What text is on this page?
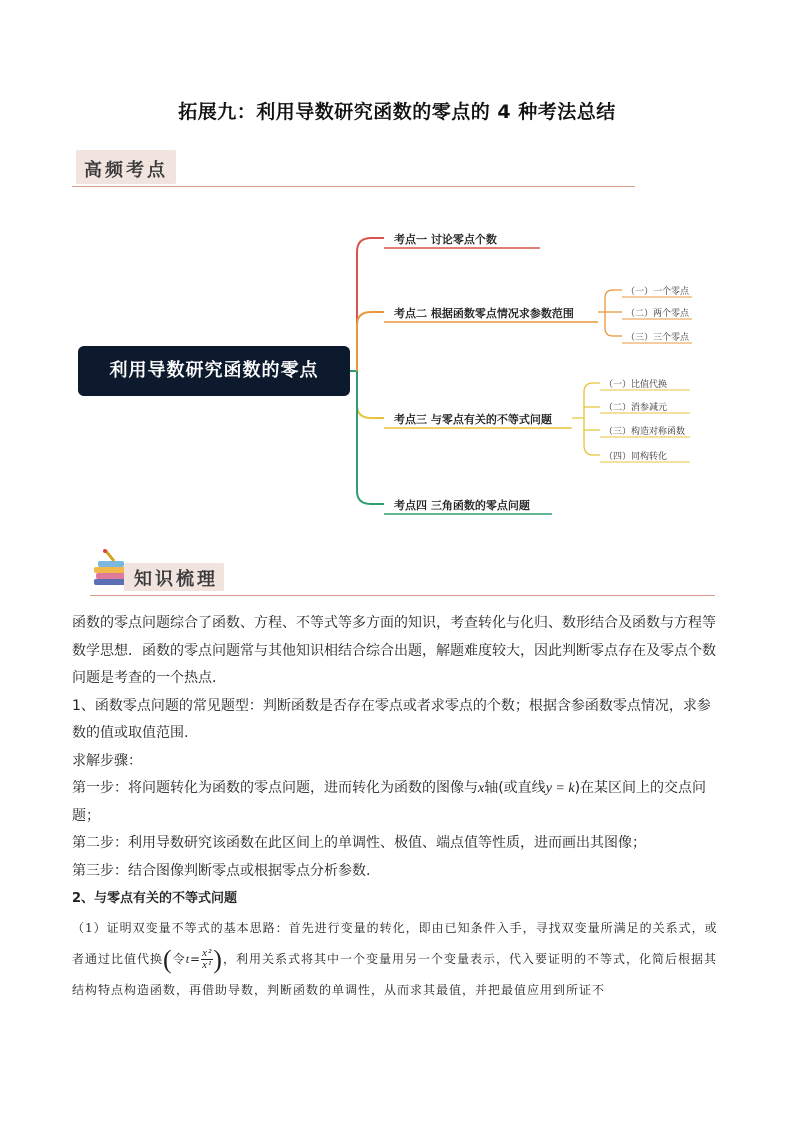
拓展九：利用导数研究函数的零点的 4 种考法总结
高频考点
利用导数研究函数的零点
考点一 讨论零点个数
考点二 根据函数零点情况求参数范围
考点三 与零点有关的不等式问题
考点四 三角函数的零点问题
（一）一个零点
（二）两个零点
（三）三个零点
（一）比值代换
（二）消参减元
（三）构造对称函数
（四）同构转化
知识梳理

函数的零点问题综合了函数、方程、不等式等多方面的知识，考查转化与化归、数形结合及函数与方程等数学思想．函数的零点问题常与其他知识相结合综合出题，解题难度较大，因此判断零点存在及零点个数问题是考查的一个热点．

1、函数零点问题的常见题型：判断函数是否存在零点或者求零点的个数；根据含参函数零点情况，求参数的值或取值范围.

求解步骤：

第一步：将问题转化为函数的零点问题，进而转化为函数的图像与x轴(或直线y = k)在某区间上的交点问题；

第二步：利用导数研究该函数在此区间上的单调性、极值、端点值等性质，进而画出其图像；

第三步：结合图像判断零点或根据零点分析参数.

2、与零点有关的不等式问题

（1）证明双变量不等式的基本思路：首先进行变量的转化，即由已知条件入手，寻找双变量所满足的关系式，或者通过比值代换(令$t= \frac{\text{x²}}{\text{x¹}}$ )，利用关系式将其中一个变量用另一个变量表示，代入要证明的不等式，化简后根据其结构特点构造函数，再借助导数，判断函数的单调性，从而求其最值，并把最值应用到所证不
